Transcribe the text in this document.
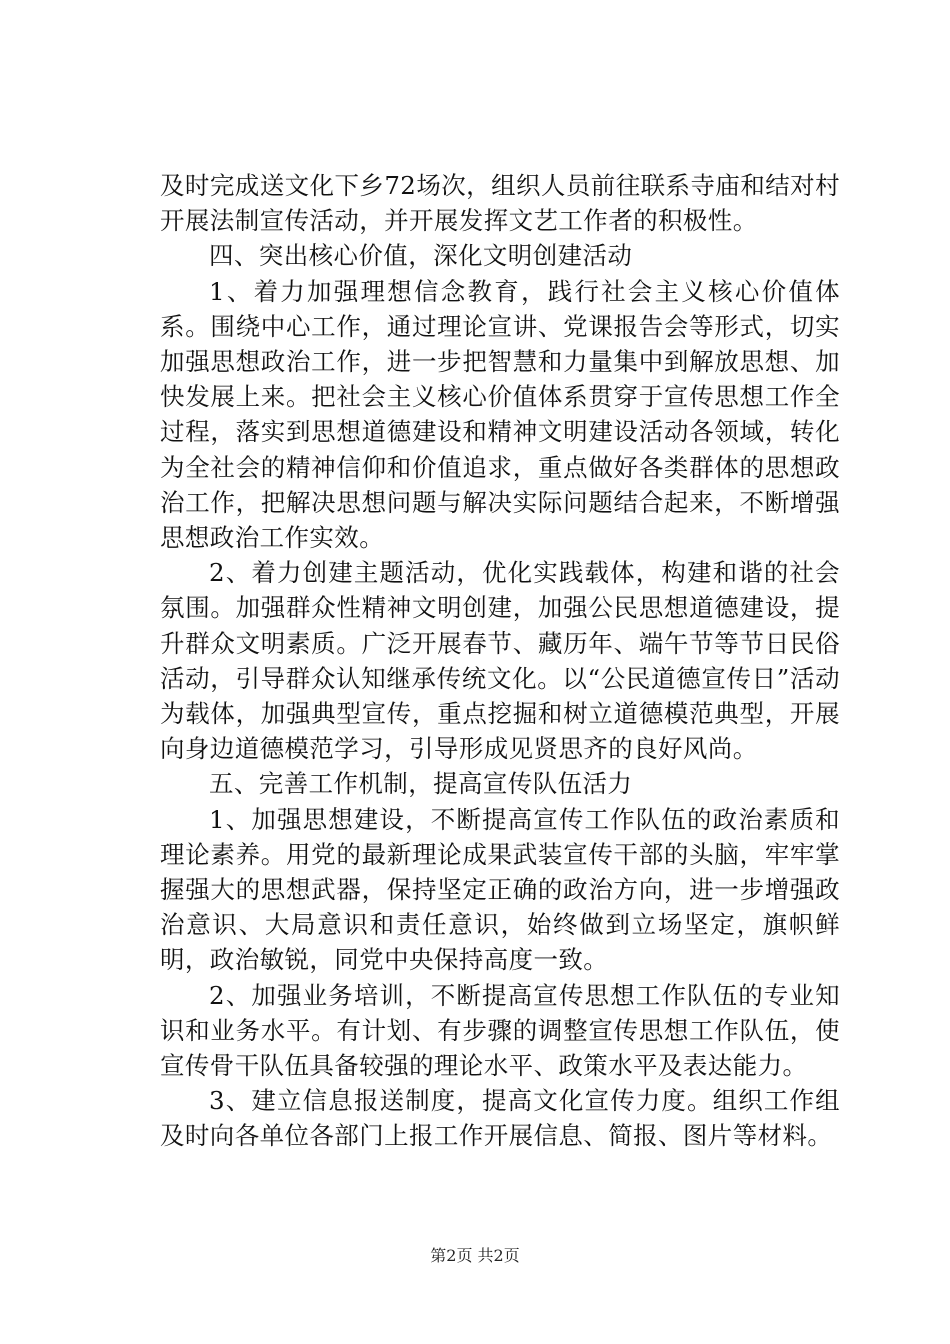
及时完成送文化下乡72场次，组织人员前往联系寺庙和结对村开展法制宣传活动，并开展发挥文艺工作者的积极性。

四、突出核心价值，深化文明创建活动

1、着力加强理想信念教育，践行社会主义核心价值体系。围绕中心工作，通过理论宣讲、党课报告会等形式，切实加强思想政治工作，进一步把智慧和力量集中到解放思想、加快发展上来。把社会主义核心价值体系贯穿于宣传思想工作全过程，落实到思想道德建设和精神文明建设活动各领域，转化为全社会的精神信仰和价值追求，重点做好各类群体的思想政治工作，把解决思想问题与解决实际问题结合起来，不断增强思想政治工作实效。

2、着力创建主题活动，优化实践载体，构建和谐的社会氛围。加强群众性精神文明创建，加强公民思想道德建设，提升群众文明素质。广泛开展春节、藏历年、端午节等节日民俗活动，引导群众认知继承传统文化。以“公民道德宣传日”活动为载体，加强典型宣传，重点挖掘和树立道德模范典型，开展向身边道德模范学习，引导形成见贤思齐的良好风尚。

五、完善工作机制，提高宣传队伍活力

1、加强思想建设，不断提高宣传工作队伍的政治素质和理论素养。用党的最新理论成果武装宣传干部的头脑，牢牢掌握强大的思想武器，保持坚定正确的政治方向，进一步增强政治意识、大局意识和责任意识，始终做到立场坚定，旗帜鲜明，政治敏锐，同党中央保持高度一致。

2、加强业务培训，不断提高宣传思想工作队伍的专业知识和业务水平。有计划、有步骤的调整宣传思想工作队伍，使宣传骨干队伍具备较强的理论水平、政策水平及表达能力。

3、建立信息报送制度，提高文化宣传力度。组织工作组及时向各单位各部门上报工作开展信息、简报、图片等材料。

第2页 共2页
